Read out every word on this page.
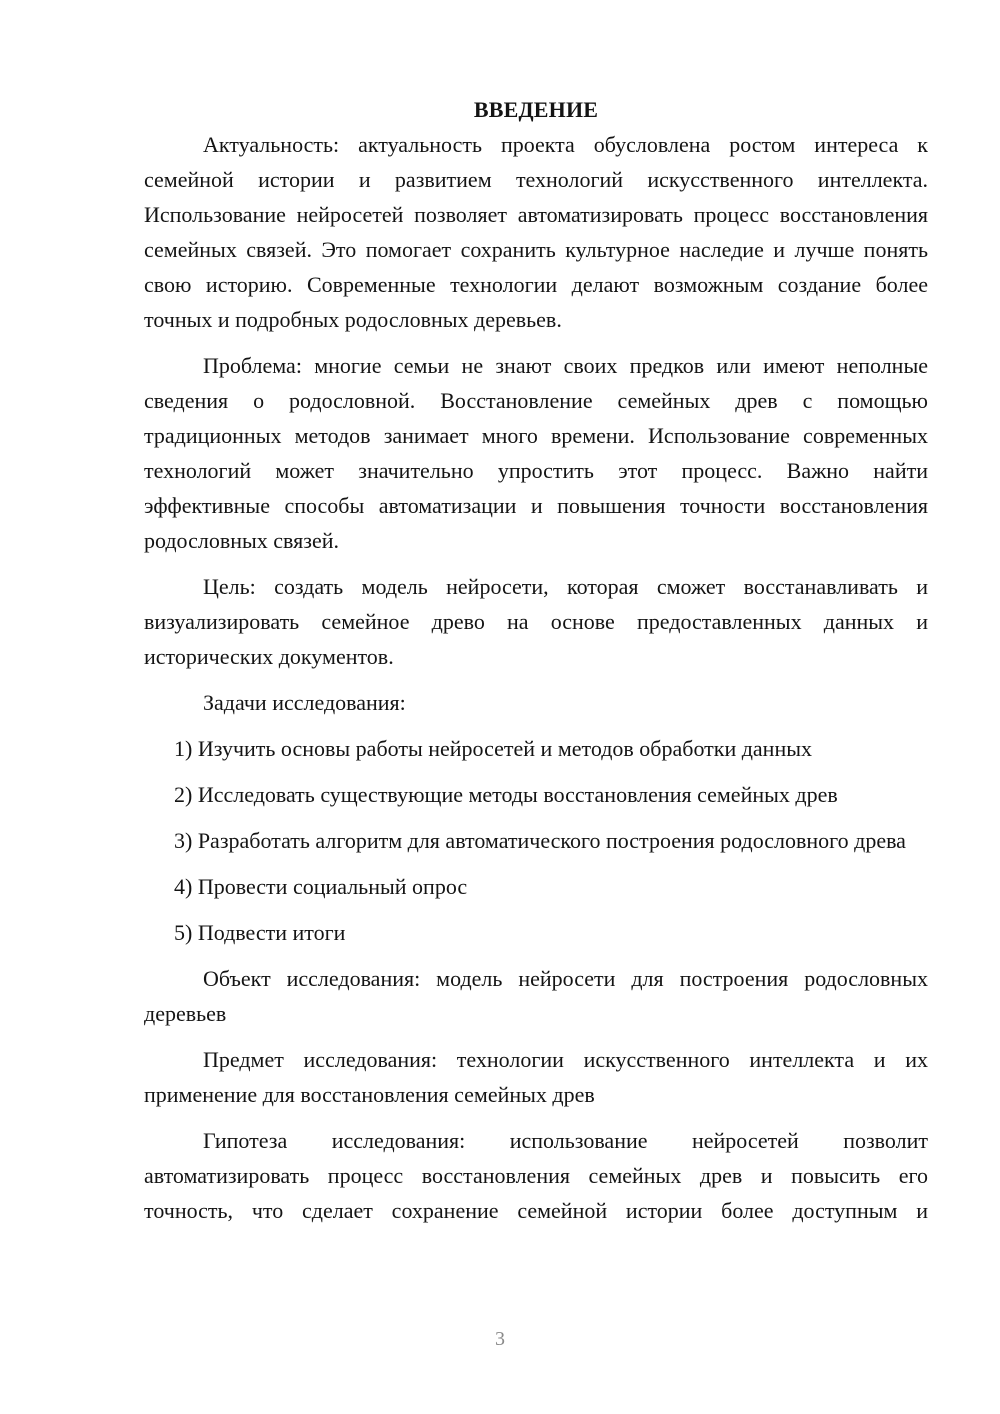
ВВЕДЕНИЕ

Актуальность: актуальность проекта обусловлена ростом интереса к семейной истории и развитием технологий искусственного интеллекта. Использование нейросетей позволяет автоматизировать процесс восстановления семейных связей. Это помогает сохранить культурное наследие и лучше понять свою историю. Современные технологии делают возможным создание более точных и подробных родословных деревьев.

Проблема: многие семьи не знают своих предков или имеют неполные сведения о родословной. Восстановление семейных древ с помощью традиционных методов занимает много времени. Использование современных технологий может значительно упростить этот процесс. Важно найти эффективные способы автоматизации и повышения точности восстановления родословных связей.

Цель: создать модель нейросети, которая сможет восстанавливать и визуализировать семейное древо на основе предоставленных данных и исторических документов.

Задачи исследования:

1) Изучить основы работы нейросетей и методов обработки данных

2) Исследовать существующие методы восстановления семейных древ

3) Разработать алгоритм для автоматического построения родословного древа

4) Провести социальный опрос

5) Подвести итоги

Объект исследования: модель нейросети для построения родословных деревьев

Предмет исследования: технологии искусственного интеллекта и их применение для восстановления семейных древ

Гипотеза исследования: использование нейросетей позволит автоматизировать процесс восстановления семейных древ и повысить его точность, что сделает сохранение семейной истории более доступным и

3
